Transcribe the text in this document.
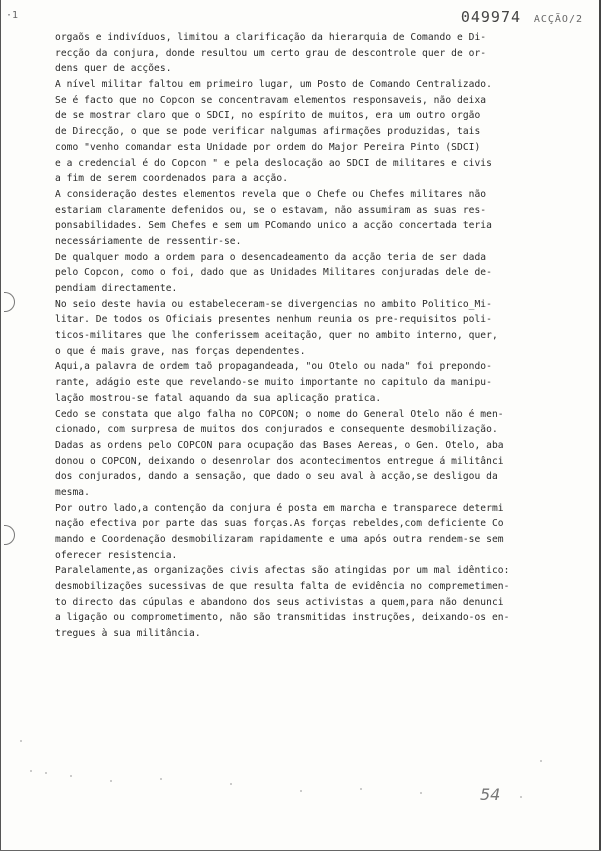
·1	049974 ACÇÃO/2
orgaõs e indivíduos, limitou a clarificação da hierarquia de Comando e Di-
recção da conjura, donde resultou um certo grau de descontrole quer de or-
dens quer de acções.
A nível militar faltou em primeiro lugar, um Posto de Comando Centralizado.
Se é facto que no Copcon se concentravam elementos responsaveis, não deixa
de se mostrar claro que o SDCI, no espírito de muitos, era um outro orgão
de Direcção, o que se pode verificar nalgumas afirmações produzidas, tais
como "venho comandar esta Unidade por ordem do Major Pereira Pinto (SDCI)
e a credencial é do Copcon " e pela deslocação ao SDCI de militares e civis
a fim de serem coordenados para a acção.
A consideração destes elementos revela que o Chefe ou Chefes militares não
estariam claramente defenidos ou, se o estavam, não assumiram as suas res-
ponsabilidades. Sem Chefes e sem um PComando unico a acção concertada teria
necessáriamente de ressentir-se.
De qualquer modo a ordem para o desencadeamento da acção teria de ser dada
pelo Copcon, como o foi, dado que as Unidades Militares conjuradas dele de-
pendiam directamente.
No seio deste havia ou estabeleceram-se divergencias no ambito Politico_Mi-
litar. De todos os Oficiais presentes nenhum reunia os pre-requisitos poli-
ticos-militares que lhe conferissem aceitação, quer no ambito interno, quer,
o que é mais grave, nas forças dependentes.
Aqui,a palavra de ordem taõ propagandeada, "ou Otelo ou nada" foi prepondo-
rante, adágio este que revelando-se muito importante no capitulo da manipu-
lação mostrou-se fatal aquando da sua aplicação pratica.
Cedo se constata que algo falha no COPCON; o nome do General Otelo não é men-
cionado, com surpresa de muitos dos conjurados e consequente desmobilização.
Dadas as ordens pelo COPCON para ocupação das Bases Aereas, o Gen. Otelo, aba
donou o COPCON, deixando o desenrolar dos acontecimentos entregue á militânci
dos conjurados, dando a sensação, que dado o seu aval à acção,se desligou da
mesma.
Por outro lado,a contenção da conjura é posta em marcha e transparece determi
nação efectiva por parte das suas forças.As forças rebeldes,com deficiente Co
mando e Coordenação desmobilizaram rapidamente e uma após outra rendem-se sem
oferecer resistencia.
Paralelamente,as organizações civis afectas são atingidas por um mal idêntico:
desmobilizações sucessivas de que resulta falta de evidência no compremetimen-
to directo das cúpulas e abandono dos seus activistas a quem,para não denunci
a ligação ou comprometimento, não são transmitidas instruções, deixando-os en-
tregues à sua militância.
54
